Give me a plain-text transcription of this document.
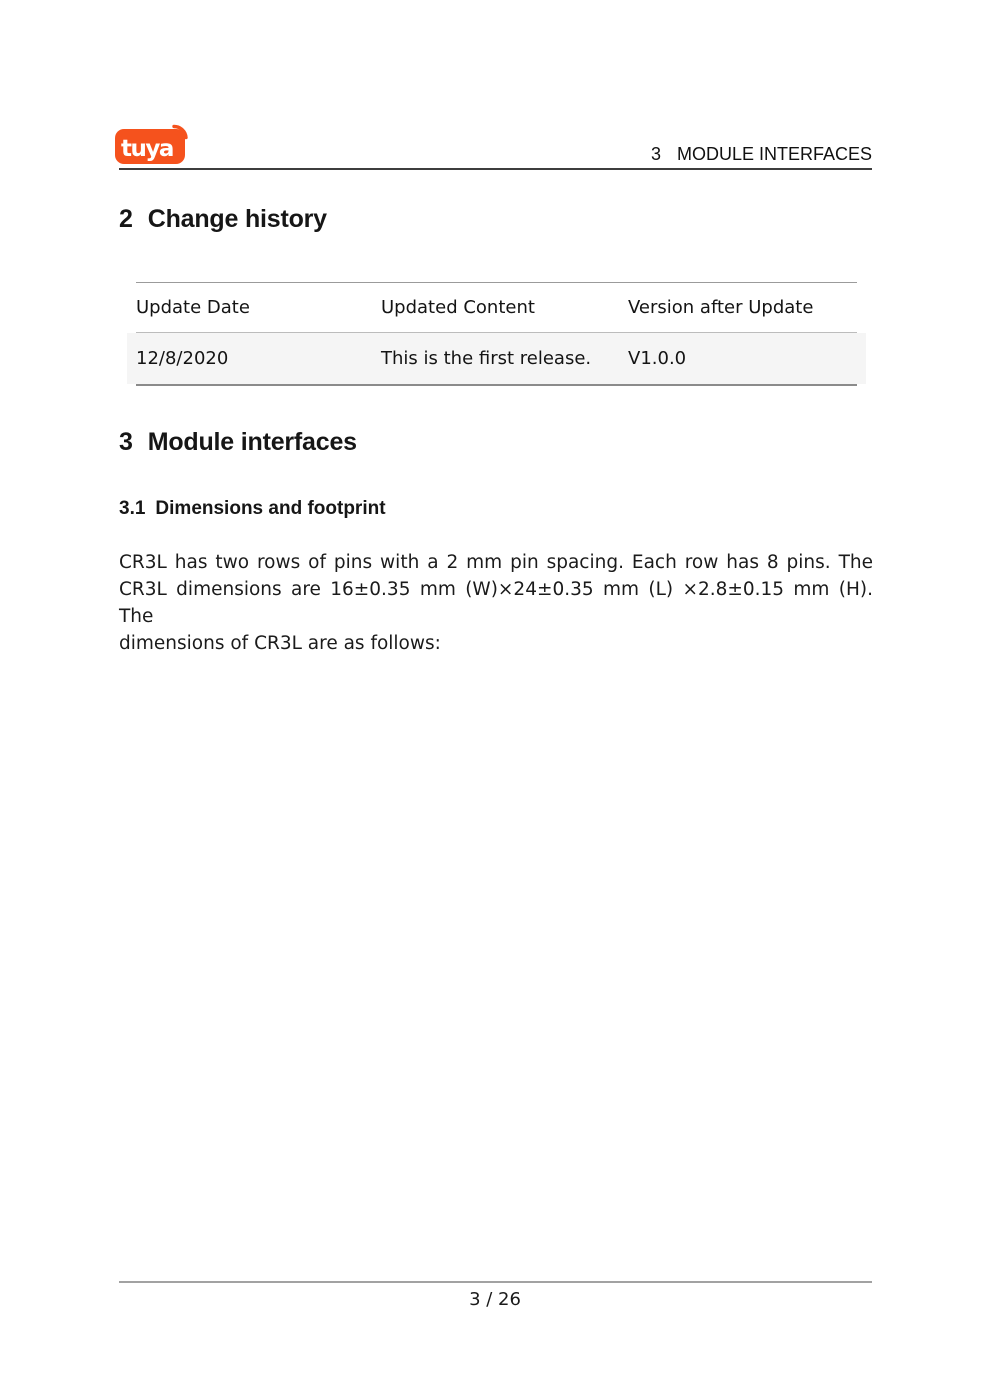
tuya	3 MODULE INTERFACES
2 Change history
Update Date	Updated Content	Version after Update
12/8/2020	This is the first release.	V1.0.0
3 Module interfaces
3.1 Dimensions and footprint
CR3L has two rows of pins with a 2 mm pin spacing. Each row has 8 pins. The
CR3L dimensions are 16±0.35 mm (W)×24±0.35 mm (L) ×2.8±0.15 mm (H). The
dimensions of CR3L are as follows:
3 / 26
